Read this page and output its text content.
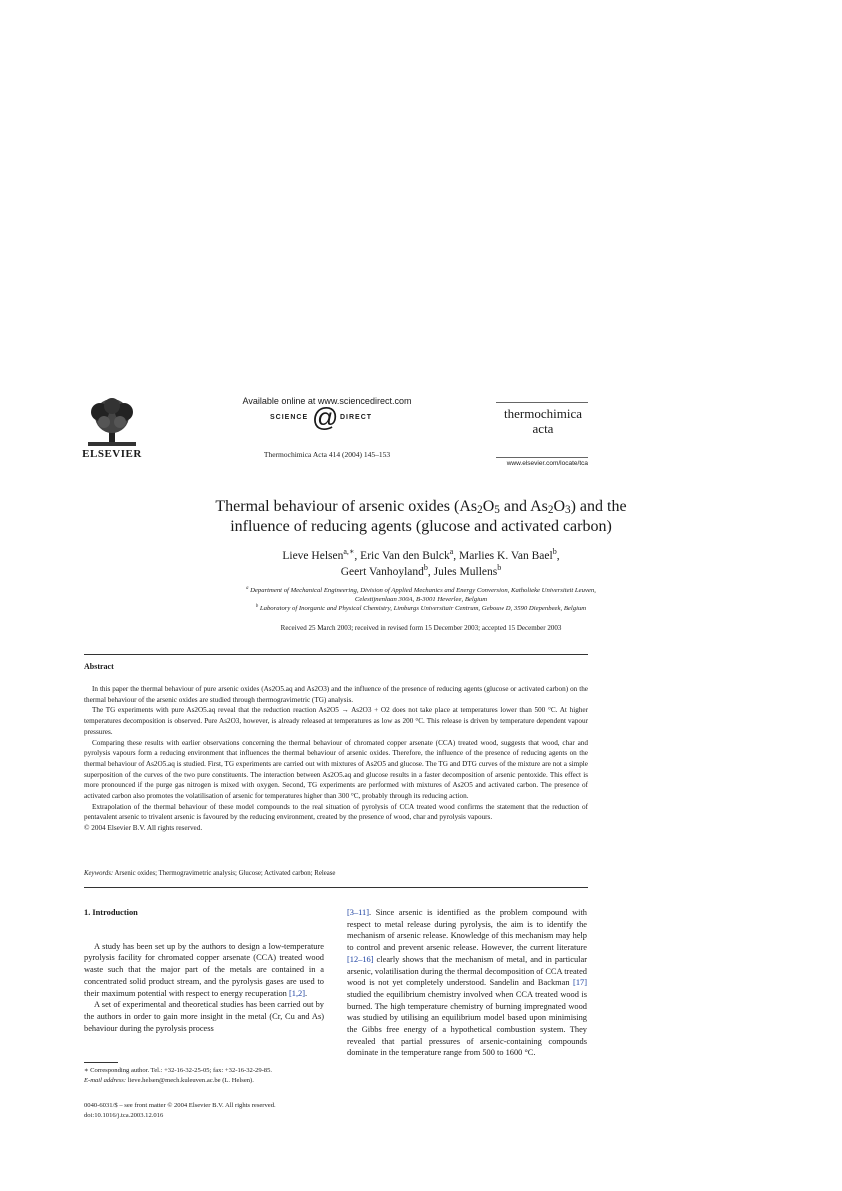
ELSEVIER
Available online at www.sciencedirect.com
SCIENCE @ DIRECT
Thermochimica Acta 414 (2004) 145–153
thermochimica
acta
www.elsevier.com/locate/tca
Thermal behaviour of arsenic oxides ($As_2O_5$ and $As_2O_3$) and the
influence of reducing agents (glucose and activated carbon)
Lieve Helsen$^{a,∗}$, Eric Van den Bulck$^a$, Marlies K. Van Bael$^b$,
Geert Vanhoyland$^b$, Jules Mullens$^b$
$^a$ Department of Mechanical Engineering, Division of Applied Mechanics and Energy Conversion, Katholieke Universiteit Leuven,
Celestijnenlaan 300A, B-3001 Heverlee, Belgium
$^b$ Laboratory of Inorganic and Physical Chemistry, Limburgs Universitair Centrum, Gebouw D, 3590 Diepenbeek, Belgium
Received 25 March 2003; received in revised form 15 December 2003; accepted 15 December 2003
Abstract

In this paper the thermal behaviour of pure arsenic oxides (As2O5.aq and As2O3) and the influence of the presence of reducing agents (glucose or activated carbon) on the thermal behaviour of the arsenic oxides are studied through thermogravimetric (TG) analysis.

The TG experiments with pure As2O5.aq reveal that the reduction reaction As2O5 → As2O3 + O2 does not take place at temperatures lower than 500 °C. At higher temperatures decomposition is observed. Pure As2O3, however, is already released at temperatures as low as 200 °C. This release is driven by temperature dependent vapour pressures.

Comparing these results with earlier observations concerning the thermal behaviour of chromated copper arsenate (CCA) treated wood, suggests that wood, char and pyrolysis vapours form a reducing environment that influences the thermal behaviour of arsenic oxides. Therefore, the influence of the presence of reducing agents on the thermal behaviour of As2O5.aq is studied. First, TG experiments are carried out with mixtures of As2O5 and glucose. The TG and DTG curves of the mixture are not a simple superposition of the curves of the two pure constituents. The interaction between As2O5.aq and glucose results in a faster decomposition of arsenic pentoxide. This effect is more pronounced if the purge gas nitrogen is mixed with oxygen. Second, TG experiments are performed with mixtures of As2O5 and activated carbon. The presence of activated carbon also promotes the volatilisation of arsenic for temperatures higher than 300 °C, probably through its reducing action.

Extrapolation of the thermal behaviour of these model compounds to the real situation of pyrolysis of CCA treated wood confirms the statement that the reduction of pentavalent arsenic to trivalent arsenic is favoured by the reducing environment, created by the presence of wood, char and pyrolysis vapours.

© 2004 Elsevier B.V. All rights reserved.

Keywords: Arsenic oxides; Thermogravimetric analysis; Glucose; Activated carbon; Release

1. Introduction

A study has been set up by the authors to design a low-temperature pyrolysis facility for chromated copper arsenate (CCA) treated wood waste such that the major part of the metals are contained in a concentrated solid product stream, and the pyrolysis gases are used to their maximum potential with respect to energy recuperation [1,2].

A set of experimental and theoretical studies has been carried out by the authors in order to gain more insight in the metal (Cr, Cu and As) behaviour during the pyrolysis process

[3–11]. Since arsenic is identified as the problem compound with respect to metal release during pyrolysis, the aim is to identify the mechanism of arsenic release. Knowledge of this mechanism may help to control and prevent arsenic release. However, the current literature [12–16] clearly shows that the mechanism of metal, and in particular arsenic, volatilisation during the thermal decomposition of CCA treated wood is not yet completely understood. Sandelin and Backman [17] studied the equilibrium chemistry involved when CCA treated wood is burned. The high temperature chemistry of burning impregnated wood was studied by utilising an equilibrium model based upon minimising the Gibbs free energy of a hypothetical combustion system. They revealed that partial pressures of arsenic-containing compounds dominate in the temperature range from 500 to 1600 °C.

∗ Corresponding author. Tel.: +32-16-32-25-05; fax: +32-16-32-29-85.
E-mail address: lieve.helsen@mech.kuleuven.ac.be (L. Helsen).
0040-6031/$ – see front matter © 2004 Elsevier B.V. All rights reserved.
doi:10.1016/j.tca.2003.12.016
